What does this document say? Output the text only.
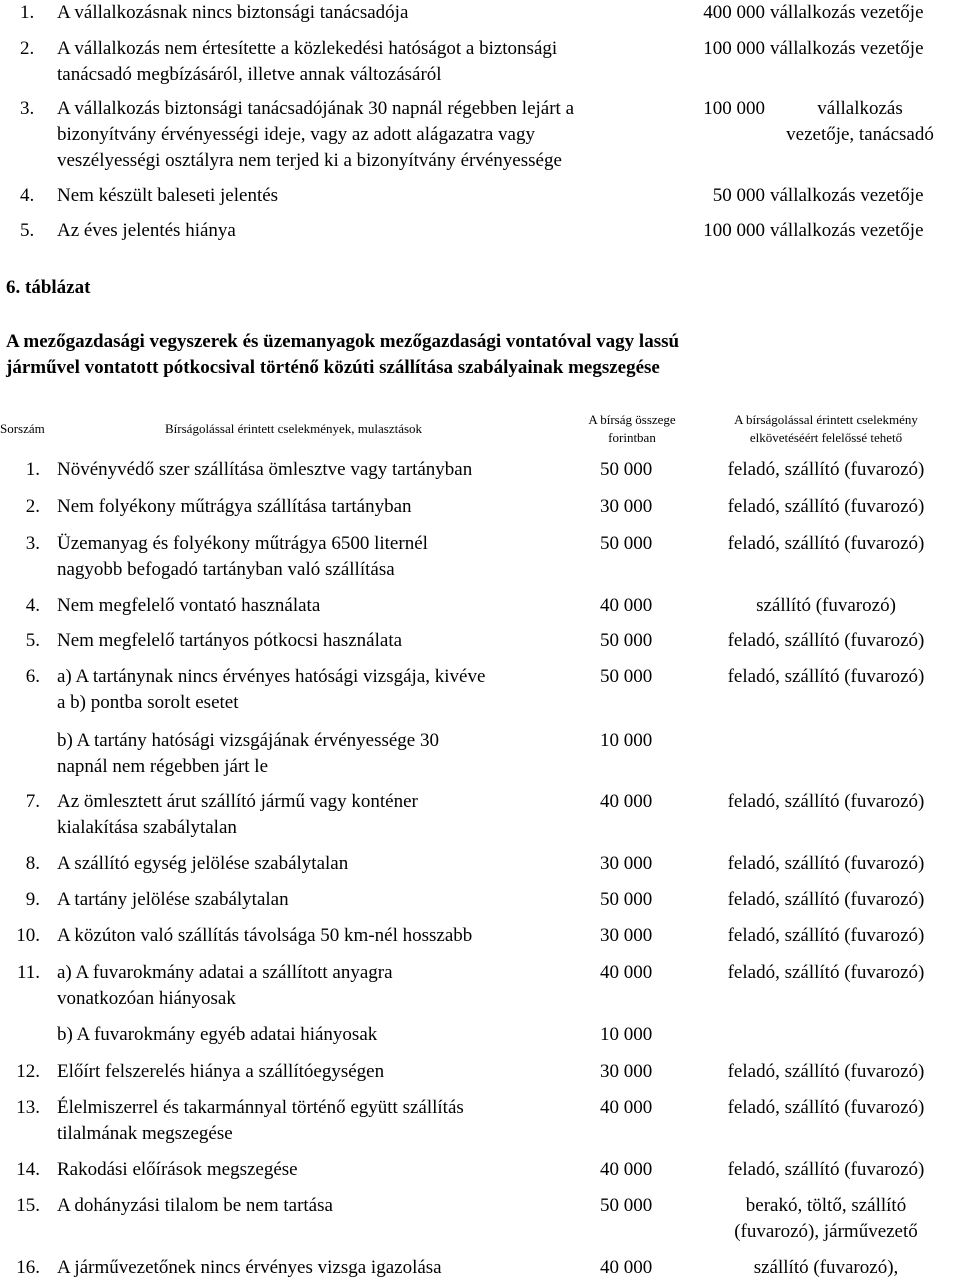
1. A vállalkozásnak nincs biztonsági tanácsadója	400 000 vállalkozás vezetője
2. A vállalkozás nem értesítette a közlekedési hatóságot a biztonsági
tanácsadó megbízásáról, illetve annak változásáról
100 000 vállalkozás vezetője
3. A vállalkozás biztonsági tanácsadójának 30 napnál régebben lejárt a
bizonyítvány érvényességi ideje, vagy az adott alágazatra vagy
veszélyességi osztályra nem terjed ki a bizonyítvány érvényessége
100 000	vállalkozás
vezetője, tanácsadó
4. Nem készült baleseti jelentés	50 000 vállalkozás vezetője
5. Az éves jelentés hiánya	100 000 vállalkozás vezetője
6. táblázat
A mezőgazdasági vegyszerek és üzemanyagok mezőgazdasági vontatóval vagy lassú
járművel vontatott pótkocsival történő közúti szállítása szabályainak megszegése
Sorszám	Bírságolással érintett cselekmények, mulasztások
A bírság összege
forintban
A bírságolással érintett cselekmény
elkövetéséért felelőssé tehető
1. Növényvédő szer szállítása ömlesztve vagy tartányban	50 000	feladó, szállító (fuvarozó)
2. Nem folyékony műtrágya szállítása tartányban	30 000	feladó, szállító (fuvarozó)
3. Üzemanyag és folyékony műtrágya 6500 liternél
nagyobb befogadó tartányban való szállítása
50 000	feladó, szállító (fuvarozó)
4. Nem megfelelő vontató használata	40 000	szállító (fuvarozó)
5. Nem megfelelő tartányos pótkocsi használata	50 000	feladó, szállító (fuvarozó)
6. a) A tartánynak nincs érvényes hatósági vizsgája, kivéve
a b) pontba sorolt esetet
50 000	feladó, szállító (fuvarozó)
b) A tartány hatósági vizsgájának érvényessége 30
napnál nem régebben járt le
10 000
7. Az ömlesztett árut szállító jármű vagy konténer
kialakítása szabálytalan
40 000	feladó, szállító (fuvarozó)
8. A szállító egység jelölése szabálytalan	30 000	feladó, szállító (fuvarozó)
9. A tartány jelölése szabálytalan	50 000	feladó, szállító (fuvarozó)
10. A közúton való szállítás távolsága 50 km-nél hosszabb	30 000	feladó, szállító (fuvarozó)
11. a) A fuvarokmány adatai a szállított anyagra
vonatkozóan hiányosak
40 000	feladó, szállító (fuvarozó)
b) A fuvarokmány egyéb adatai hiányosak	10 000
12. Előírt felszerelés hiánya a szállítóegységen	30 000	feladó, szállító (fuvarozó)
13. Élelmiszerrel és takarmánnyal történő együtt szállítás
tilalmának megszegése
40 000	feladó, szállító (fuvarozó)
14. Rakodási előírások megszegése	40 000	feladó, szállító (fuvarozó)
15. A dohányzási tilalom be nem tartása	50 000	berakó, töltő, szállító
(fuvarozó), járművezető
16. A járművezetőnek nincs érvényes vizsga igazolása	40 000	szállító (fuvarozó),
